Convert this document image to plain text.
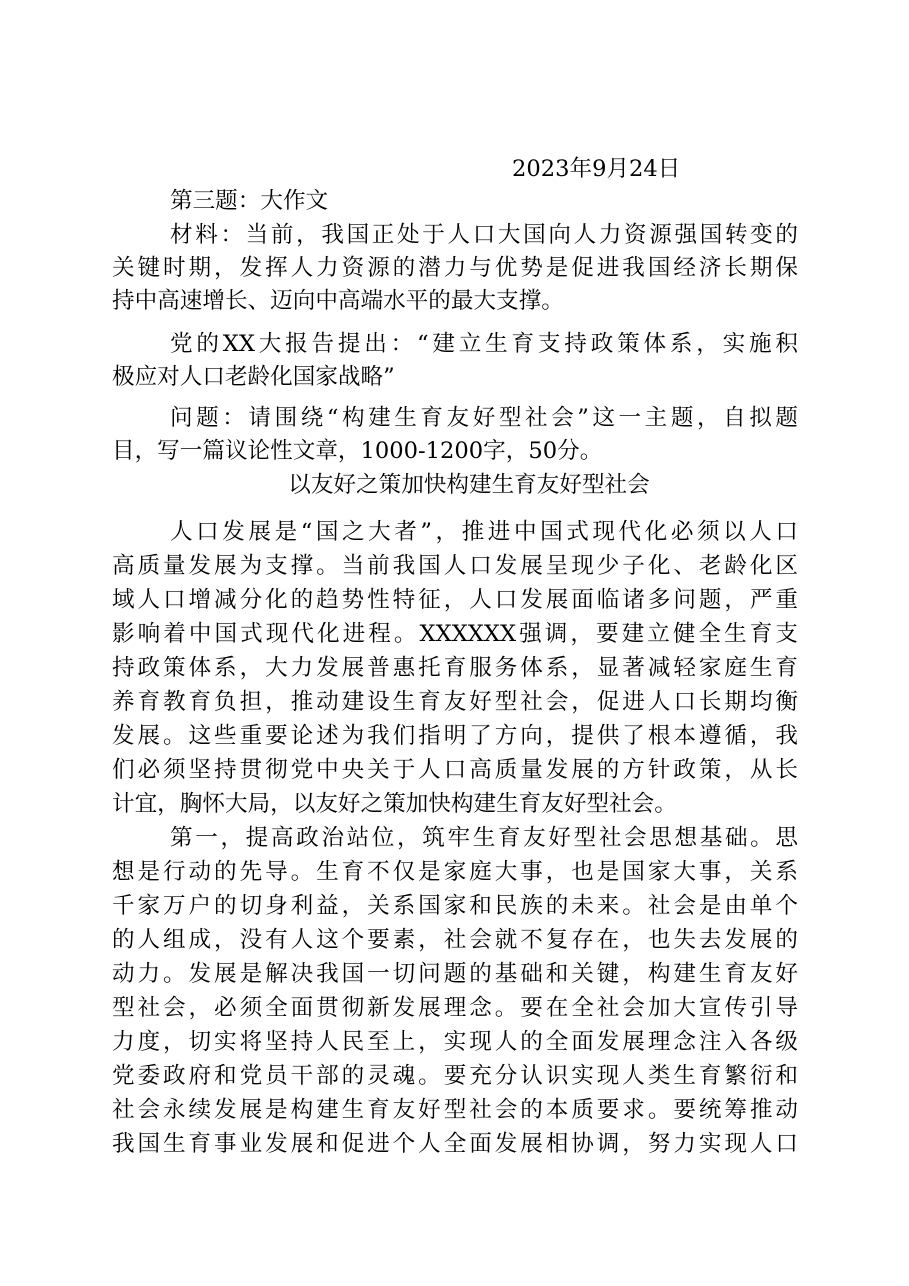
2023年9月24日
第三题：大作文
材料：当前，我国正处于人口大国向人力资源强国转变的
关键时期，发挥人力资源的潜力与优势是促进我国经济长期保
持中高速增长、迈向中高端水平的最大支撑。
党的XX大报告提出：“建立生育支持政策体系，实施积
极应对人口老龄化国家战略”
问题：请围绕“构建生育友好型社会”这一主题，自拟题
目，写一篇议论性文章，1000-1200字，50分。
以友好之策加快构建生育友好型社会
人口发展是“国之大者”，推进中国式现代化必须以人口
高质量发展为支撑。当前我国人口发展呈现少子化、老龄化区
域人口增减分化的趋势性特征，人口发展面临诸多问题，严重
影响着中国式现代化进程。XXXXXX强调，要建立健全生育支
持政策体系，大力发展普惠托育服务体系，显著减轻家庭生育
养育教育负担，推动建设生育友好型社会，促进人口长期均衡
发展。这些重要论述为我们指明了方向，提供了根本遵循，我
们必须坚持贯彻党中央关于人口高质量发展的方针政策，从长
计宜，胸怀大局，以友好之策加快构建生育友好型社会。
第一，提高政治站位，筑牢生育友好型社会思想基础。思
想是行动的先导。生育不仅是家庭大事，也是国家大事，关系
千家万户的切身利益，关系国家和民族的未来。社会是由单个
的人组成，没有人这个要素，社会就不复存在，也失去发展的
动力。发展是解决我国一切问题的基础和关键，构建生育友好
型社会，必须全面贯彻新发展理念。要在全社会加大宣传引导
力度，切实将坚持人民至上，实现人的全面发展理念注入各级
党委政府和党员干部的灵魂。要充分认识实现人类生育繁衍和
社会永续发展是构建生育友好型社会的本质要求。要统筹推动
我国生育事业发展和促进个人全面发展相协调，努力实现人口
